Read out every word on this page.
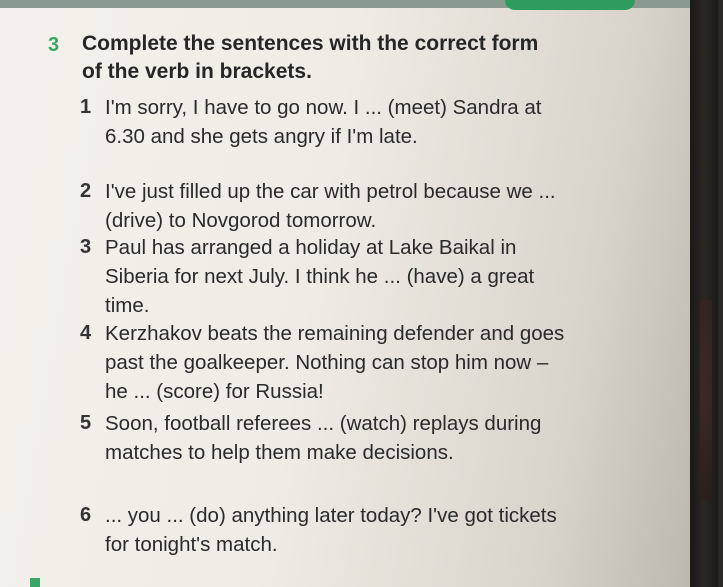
3 Complete the sentences with the correct form of the verb in brackets.
1 I'm sorry, I have to go now. I ... (meet) Sandra at 6.30 and she gets angry if I'm late.
2 I've just filled up the car with petrol because we ... (drive) to Novgorod tomorrow.
3 Paul has arranged a holiday at Lake Baikal in Siberia for next July. I think he ... (have) a great time.
4 Kerzhakov beats the remaining defender and goes past the goalkeeper. Nothing can stop him now – he ... (score) for Russia!
5 Soon, football referees ... (watch) replays during matches to help them make decisions.
6 ... you ... (do) anything later today? I've got tickets for tonight's match.
